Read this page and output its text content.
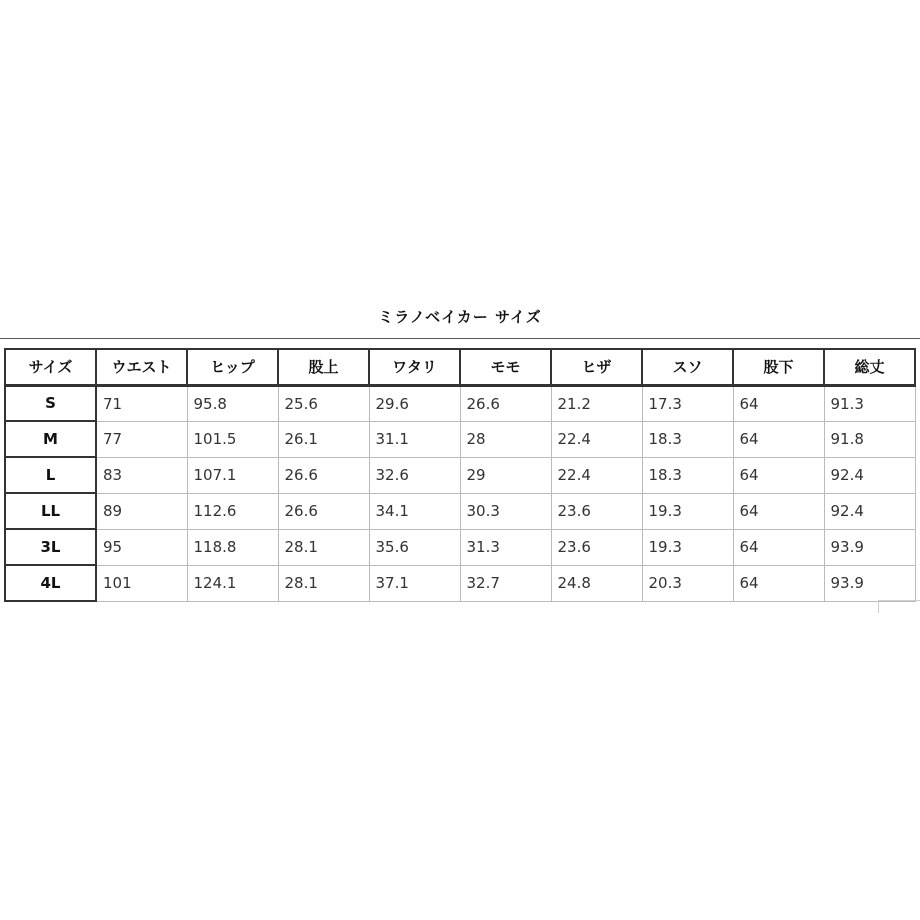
ミラノベイカー サイズ
サイズ	ウエスト	ヒップ	股上	ワタリ	モモ	ヒザ	スソ	股下	総丈
S	71	95.8	25.6	29.6	26.6	21.2	17.3	64	91.3
M	77	101.5	26.1	31.1	28	22.4	18.3	64	91.8
L	83	107.1	26.6	32.6	29	22.4	18.3	64	92.4
LL	89	112.6	26.6	34.1	30.3	23.6	19.3	64	92.4
3L	95	118.8	28.1	35.6	31.3	23.6	19.3	64	93.9
4L	101	124.1	28.1	37.1	32.7	24.8	20.3	64	93.9
